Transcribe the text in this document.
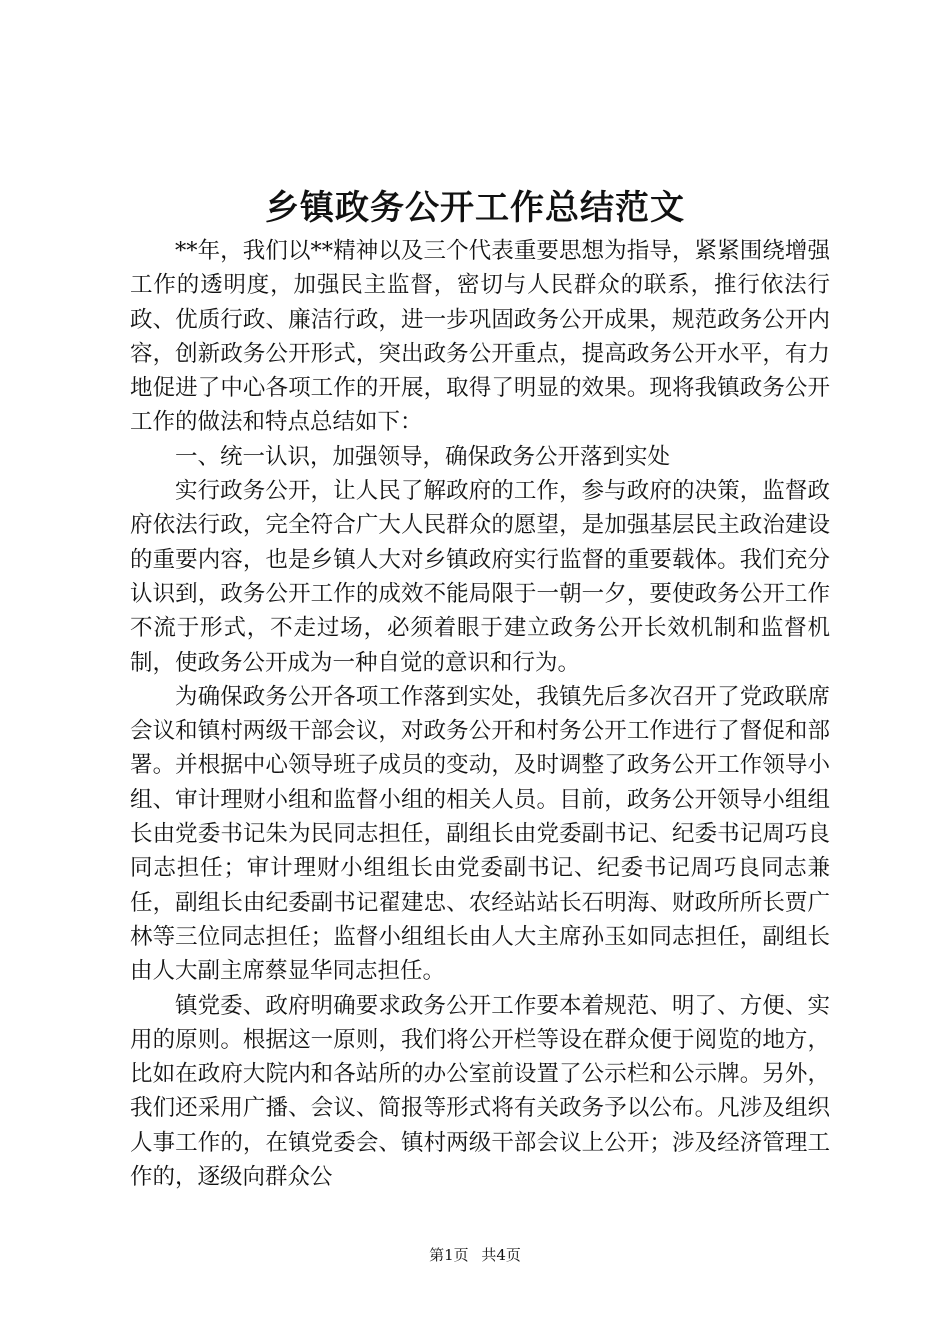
乡镇政务公开工作总结范文

**年，我们以**精神以及三个代表重要思想为指导，紧紧围绕增强工作的透明度，加强民主监督，密切与人民群众的联系，推行依法行政、优质行政、廉洁行政，进一步巩固政务公开成果，规范政务公开内容，创新政务公开形式，突出政务公开重点，提高政务公开水平，有力地促进了中心各项工作的开展，取得了明显的效果。现将我镇政务公开工作的做法和特点总结如下：

一、统一认识，加强领导，确保政务公开落到实处

实行政务公开，让人民了解政府的工作，参与政府的决策，监督政府依法行政，完全符合广大人民群众的愿望，是加强基层民主政治建设的重要内容，也是乡镇人大对乡镇政府实行监督的重要载体。我们充分认识到，政务公开工作的成效不能局限于一朝一夕，要使政务公开工作不流于形式，不走过场，必须着眼于建立政务公开长效机制和监督机制，使政务公开成为一种自觉的意识和行为。

为确保政务公开各项工作落到实处，我镇先后多次召开了党政联席会议和镇村两级干部会议，对政务公开和村务公开工作进行了督促和部署。并根据中心领导班子成员的变动，及时调整了政务公开工作领导小组、审计理财小组和监督小组的相关人员。目前，政务公开领导小组组长由党委书记朱为民同志担任，副组长由党委副书记、纪委书记周巧良同志担任；审计理财小组组长由党委副书记、纪委书记周巧良同志兼任，副组长由纪委副书记翟建忠、农经站站长石明海、财政所所长贾广林等三位同志担任；监督小组组长由人大主席孙玉如同志担任，副组长由人大副主席蔡显华同志担任。

镇党委、政府明确要求政务公开工作要本着规范、明了、方便、实用的原则。根据这一原则，我们将公开栏等设在群众便于阅览的地方，比如在政府大院内和各站所的办公室前设置了公示栏和公示牌。另外，我们还采用广播、会议、简报等形式将有关政务予以公布。凡涉及组织人事工作的，在镇党委会、镇村两级干部会议上公开；涉及经济管理工作的，逐级向群众公

第1页 共4页
